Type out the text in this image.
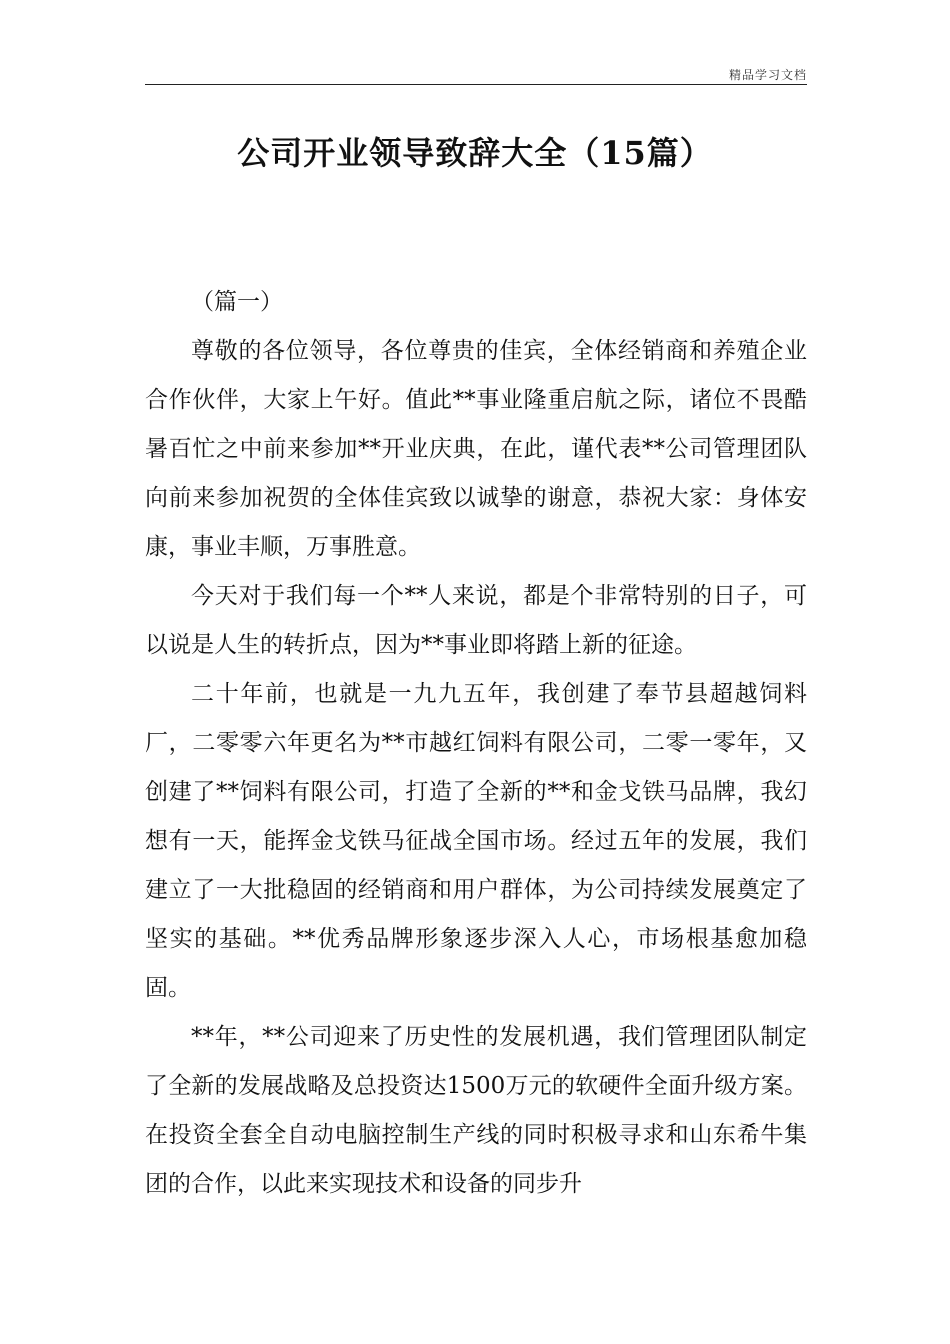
精品学习文档
公司开业领导致辞大全（15篇）

（篇一）

尊敬的各位领导，各位尊贵的佳宾，全体经销商和养殖企业合作伙伴，大家上午好。值此**事业隆重启航之际，诸位不畏酷暑百忙之中前来参加**开业庆典，在此，谨代表**公司管理团队向前来参加祝贺的全体佳宾致以诚挚的谢意，恭祝大家：身体安康，事业丰顺，万事胜意。

今天对于我们每一个**人来说，都是个非常特别的日子，可以说是人生的转折点，因为**事业即将踏上新的征途。

二十年前，也就是一九九五年，我创建了奉节县超越饲料厂，二零零六年更名为**市越红饲料有限公司，二零一零年，又创建了**饲料有限公司，打造了全新的**和金戈铁马品牌，我幻想有一天，能挥金戈铁马征战全国市场。经过五年的发展，我们建立了一大批稳固的经销商和用户群体，为公司持续发展奠定了坚实的基础。**优秀品牌形象逐步深入人心，市场根基愈加稳固。

**年，**公司迎来了历史性的发展机遇，我们管理团队制定了全新的发展战略及总投资达1500万元的软硬件全面升级方案。在投资全套全自动电脑控制生产线的同时积极寻求和山东希牛集团的合作，以此来实现技术和设备的同步升
